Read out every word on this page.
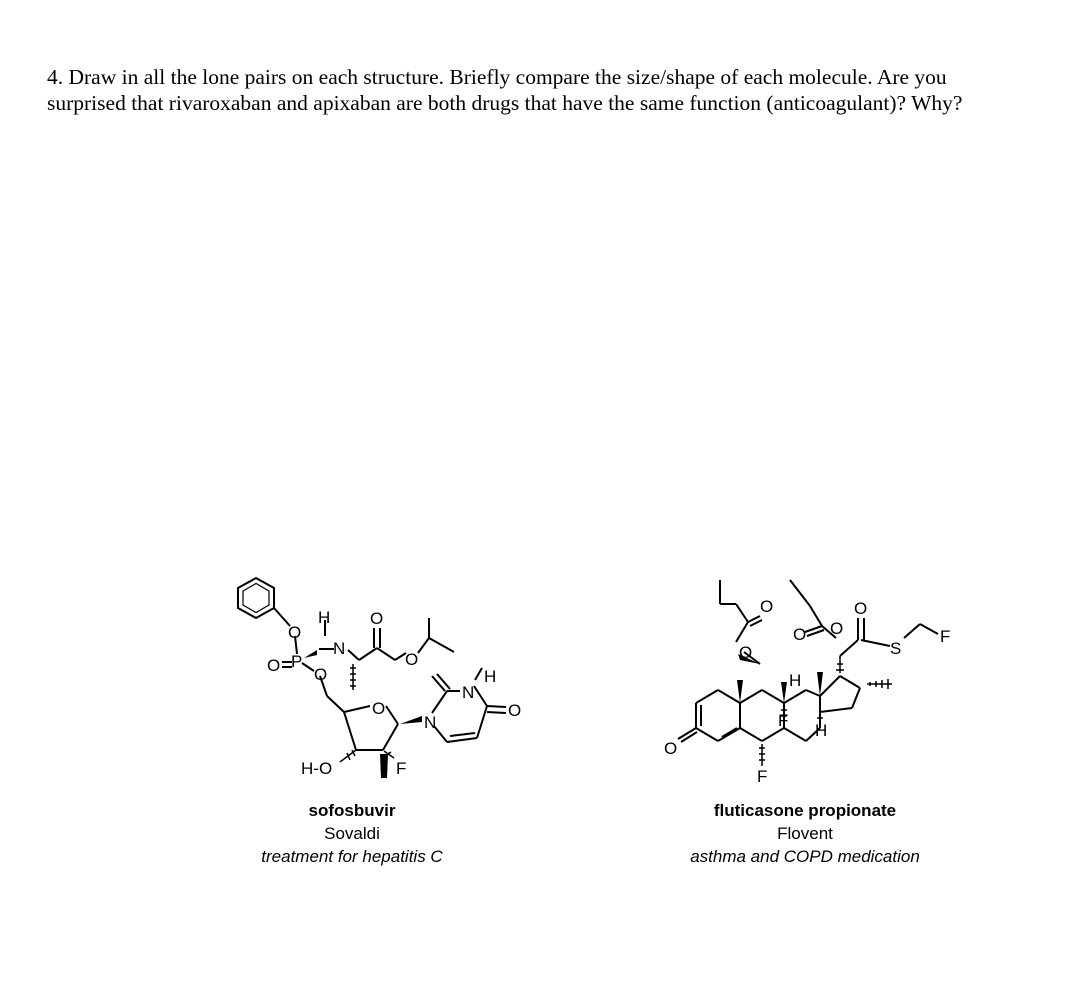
4. Draw in all the lone pairs on each structure. Briefly compare the size/shape of each molecule. Are you
surprised that rivaroxaban and apixaban are both drugs that have the same function (anticoagulant)? Why?

H
O
N
P
O O
O
O
O
H
N
O
N
H-O	F
O
O
O O
O
S
F
H
F
H
O
F
sofosbuvir
Sovaldi
treatment for hepatitis C
fluticasone propionate
Flovent
asthma and COPD medication
